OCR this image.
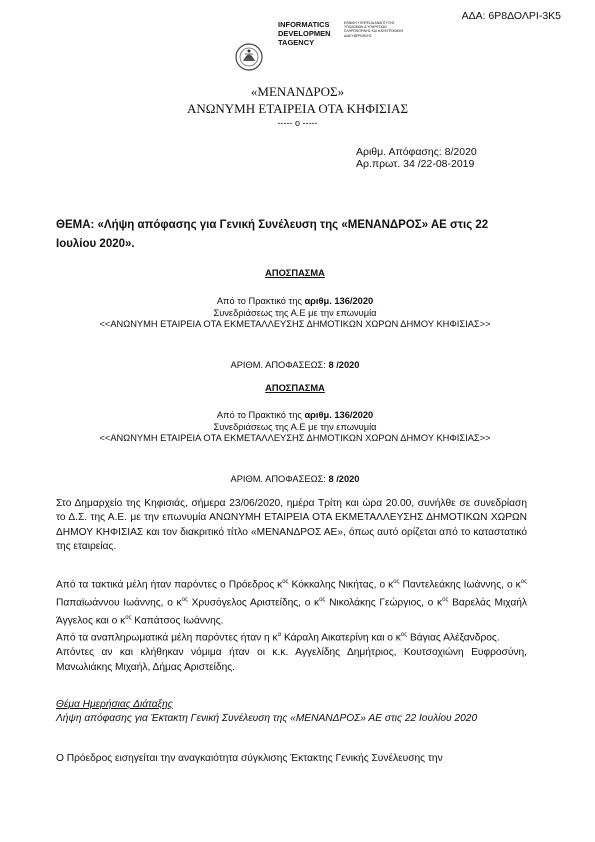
ΑΔΑ: 6Ρ8ΔΟΛΡΙ-3Κ5
INFORMATICS DEVELOPMEN TAGENCYΕΘΝΙΚΗ ΥΠΗΡΕΣΙΑ ΑΝΑΠΤΥΞΗΣ ΥΠΟΔΟΜΩΝ & ΥΠΗΡΕΣΙΩΝ ΠΛΗΡΟΦΟΡΙΚΗΣ ΚΑΙ ΗΛΕΚΤΡΟΝΙΚΗΣ ΔΙΑΚΥΒΕΡΝΗΣΗΣ
«ΜΕΝΑΝΔΡΟΣ»
ΑΝΩΝΥΜΗ ΕΤΑΙΡΕΙΑ ΟΤΑ ΚΗΦΙΣΙΑΣ
----- o -----
Αριθμ. Απόφασης: 8/2020
Αρ.πρωτ. 34 /22-08-2019
ΘΕΜΑ: «Λήψη απόφασης για Γενική Συνέλευση της «ΜΕΝΑΝΔΡΟΣ» ΑΕ στις 22 Ιουλίου 2020».
ΑΠΟΣΠΑΣΜΑ
Από το Πρακτικό της αριθμ. 136/2020
Συνεδριάσεως της Α.Ε με την επωνυμία
<<ΑΝΩΝΥΜΗ ΕΤΑΙΡΕΙΑ ΟΤΑ ΕΚΜΕΤΑΛΛΕΥΣΗΣ ΔΗΜΟΤΙΚΩΝ ΧΩΡΩΝ ΔΗΜΟΥ ΚΗΦΙΣΙΑΣ>>
ΑΡΙΘΜ. ΑΠΟΦΑΣΕΩΣ: 8 /2020
ΑΠΟΣΠΑΣΜΑ
Από το Πρακτικό της αριθμ. 136/2020
Συνεδριάσεως της Α.Ε με την επωνυμία
<<ΑΝΩΝΥΜΗ ΕΤΑΙΡΕΙΑ ΟΤΑ ΕΚΜΕΤΑΛΛΕΥΣΗΣ ΔΗΜΟΤΙΚΩΝ ΧΩΡΩΝ ΔΗΜΟΥ ΚΗΦΙΣΙΑΣ>>
ΑΡΙΘΜ. ΑΠΟΦΑΣΕΩΣ: 8 /2020
Στο Δημαρχείο της Κηφισιάς, σήμερα 23/06/2020, ημέρα Τρίτη και ώρα 20.00, συνήλθε σε συνεδρίαση το Δ.Σ. της Α.Ε. με την επωνυμία ΑΝΩΝΥΜΗ ΕΤΑΙΡΕΙΑ ΟΤΑ ΕΚΜΕΤΑΛΛΕΥΣΗΣ ΔΗΜΟΤΙΚΩΝ ΧΩΡΩΝ ΔΗΜΟΥ ΚΗΦΙΣΙΑΣ και τον διακριτικό τίτλο «ΜΕΝΑΝΔΡΟΣ ΑΕ», όπως αυτό ορίζεται από το καταστατικό της εταιρείας.
Από τα τακτικά μέλη ήταν παρόντες ο Πρόεδρος $\kappa^{o\varsigma}$ Κόκκαλης Νικήτας, ο $\kappa^{o\varsigma}$ Παντελεάκης Ιωάννης, ο $\kappa^{o\varsigma}$ Παπαϊωάννου Ιωάννης, ο $\kappa^{o\varsigma}$ Χρυσόγελος Αριστείδης, ο $\kappa^{o\varsigma}$ Νικολάκης Γεώργιος, ο $\kappa^{o\varsigma}$ Βαρελάς Μιχαήλ Άγγελος και ο $\kappa^{o\varsigma}$ Καπάτσος Ιωάννης.
Από τα αναπληρωματικά μέλη παρόντες ήταν η $\kappa^\alpha$ Κάραλη Αικατερίνη και ο $\kappa^{o\varsigma}$ Βάγιας Αλέξανδρος.
Απόντες αν και κλήθηκαν νόμιμα ήταν οι κ.κ. Αγγελίδης Δημήτριος, Κουτσοχιώνη Ευφροσύνη, Μανωλιάκης Μιχαήλ, Δήμας Αριστείδης.
Θέμα Ημερήσιας Διάταξης
Λήψη απόφασης για Έκτακτη Γενική Συνέλευση της «ΜΕΝΑΝΔΡΟΣ» ΑΕ στις 22 Ιουλίου 2020
Ο Πρόεδρος εισηγείται την αναγκαιότητα σύγκλισης Έκτακτης Γενικής Συνέλευσης την
